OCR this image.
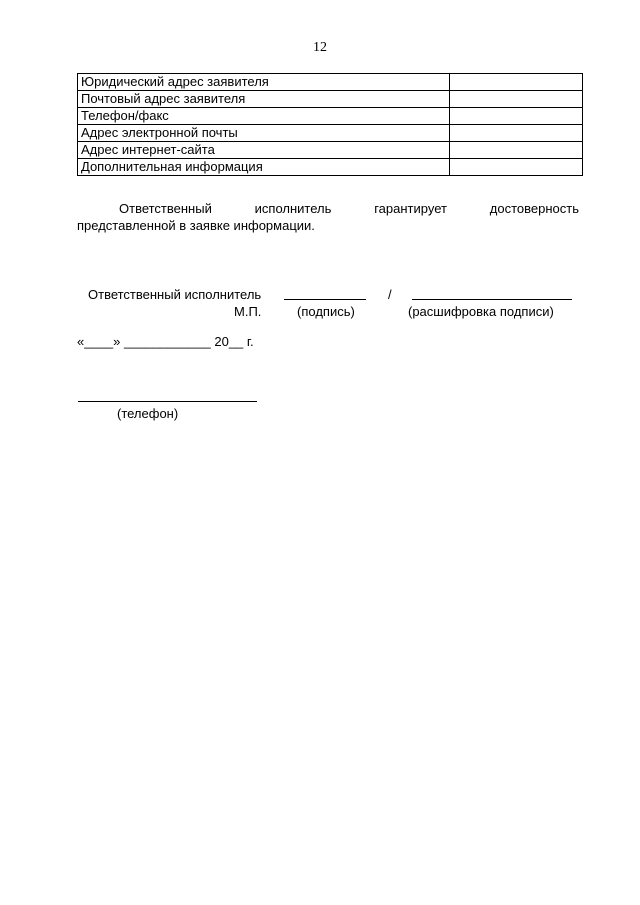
12
Юридический адрес заявителя	
Почтовый адрес заявителя	
Телефон/факс	
Адрес электронной почты	
Адрес интернет-сайта	
Дополнительная информация	
Ответственный	исполнитель	гарантирует	достоверность
представленной в заявке информации.
Ответственный исполнитель	/
М.П.	(подпись)	(расшифровка подписи)
«____» ____________ 20__ г.
(телефон)
